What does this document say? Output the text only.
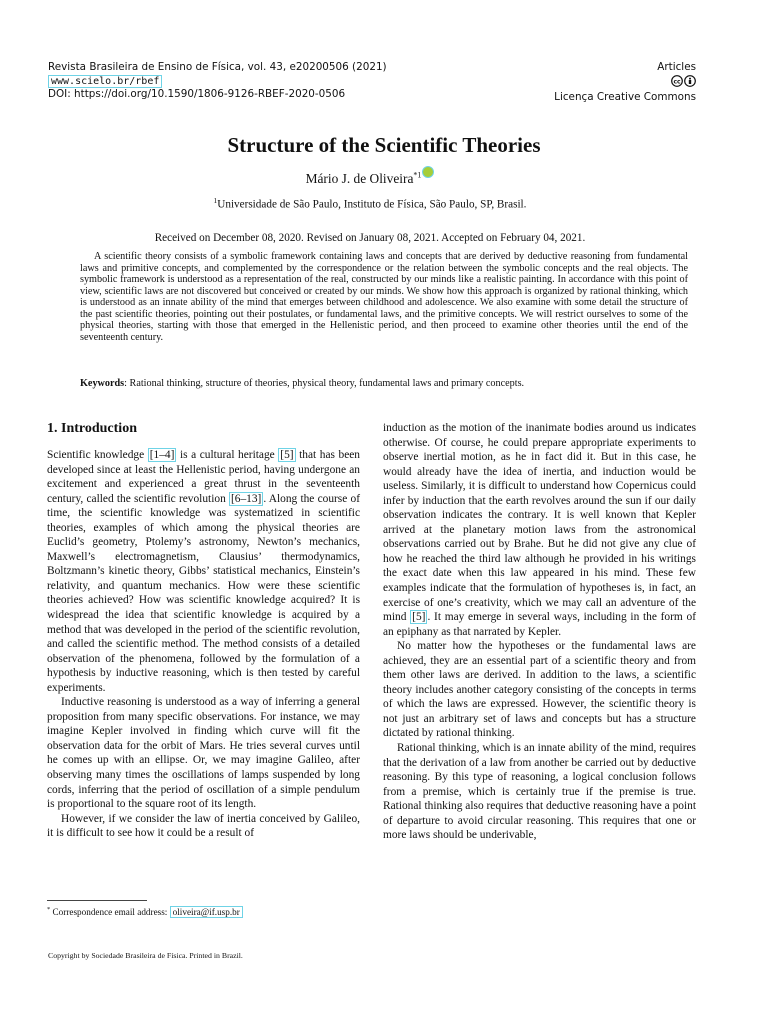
Revista Brasileira de Ensino de Física, vol. 43, e20200506 (2021)
www.scielo.br/rbef
DOI: https://doi.org/10.1590/1806-9126-RBEF-2020-0506
Articles
cc
Licença Creative Commons
Structure of the Scientific Theories
Mário J. de Oliveira$^{*1}$
$^1$Universidade de São Paulo, Instituto de Física, São Paulo, SP, Brasil.
Received on December 08, 2020. Revised on January 08, 2021. Accepted on February 04, 2021.

A scientific theory consists of a symbolic framework containing laws and concepts that are derived by deductive reasoning from fundamental laws and primitive concepts, and complemented by the correspondence or the relation between the symbolic concepts and the real objects. The symbolic framework is understood as a representation of the real, constructed by our minds like a realistic painting. In accordance with this point of view, scientific laws are not discovered but conceived or created by our minds. We show how this approach is organized by rational thinking, which is understood as an innate ability of the mind that emerges between childhood and adolescence. We also examine with some detail the structure of the past scientific theories, pointing out their postulates, or fundamental laws, and the primitive concepts. We will restrict ourselves to some of the physical theories, starting with those that emerged in the Hellenistic period, and then proceed to examine other theories until the end of the seventeenth century.

Keywords: Rational thinking, structure of theories, physical theory, fundamental laws and primary concepts.

1. Introduction

Scientific knowledge [1–4] is a cultural heritage [5] that has been developed since at least the Hellenistic period, having undergone an excitement and experienced a great thrust in the seventeenth century, called the scientific revolution [6–13] . Along the course of time, the scientific knowledge was systematized in scientific theories, examples of which among the physical theories are Euclid’s geometry, Ptolemy’s astronomy, Newton’s mechanics, Maxwell’s electromagnetism, Clausius’ thermodynamics, Boltzmann’s kinetic theory, Gibbs’ statistical mechanics, Einstein’s relativity, and quantum mechanics. How were these scientific theories achieved? How was scientific knowledge acquired? It is widespread the idea that scientific knowledge is acquired by a method that was developed in the period of the scientific revolution, and called the scientific method. The method consists of a detailed observation of the phenomena, followed by the formulation of a hypothesis by inductive reasoning, which is then tested by careful experiments.

Inductive reasoning is understood as a way of inferring a general proposition from many specific observations. For instance, we may imagine Kepler involved in finding which curve will fit the observation data for the orbit of Mars. He tries several curves until he comes up with an ellipse. Or, we may imagine Galileo, after observing many times the oscillations of lamps suspended by long cords, inferring that the period of oscillation of a simple pendulum is proportional to the square root of its length.

However, if we consider the law of inertia conceived by Galileo, it is difficult to see how it could be a result of

induction as the motion of the inanimate bodies around us indicates otherwise. Of course, he could prepare appropriate experiments to observe inertial motion, as he in fact did it. But in this case, he would already have the idea of inertia, and induction would be useless. Similarly, it is difficult to understand how Copernicus could infer by induction that the earth revolves around the sun if our daily observation indicates the contrary. It is well known that Kepler arrived at the planetary motion laws from the astronomical observations carried out by Brahe. But he did not give any clue of how he reached the third law although he provided in his writings the exact date when this law appeared in his mind. These few examples indicate that the formulation of hypotheses is, in fact, an exercise of one’s creativity, which we may call an adventure of the mind [5] . It may emerge in several ways, including in the form of an epiphany as that narrated by Kepler.

No matter how the hypotheses or the fundamental laws are achieved, they are an essential part of a scientific theory and from them other laws are derived. In addition to the laws, a scientific theory includes another category consisting of the concepts in terms of which the laws are expressed. However, the scientific theory is not just an arbitrary set of laws and concepts but has a structure dictated by rational thinking.

Rational thinking, which is an innate ability of the mind, requires that the derivation of a law from another be carried out by deductive reasoning. By this type of reasoning, a logical conclusion follows from a premise, which is certainly true if the premise is true. Rational thinking also requires that deductive reasoning have a point of departure to avoid circular reasoning. This requires that one or more laws should be underivable,

* Correspondence email address: oliveira@if.usp.br
Copyright by Sociedade Brasileira de Física. Printed in Brazil.
